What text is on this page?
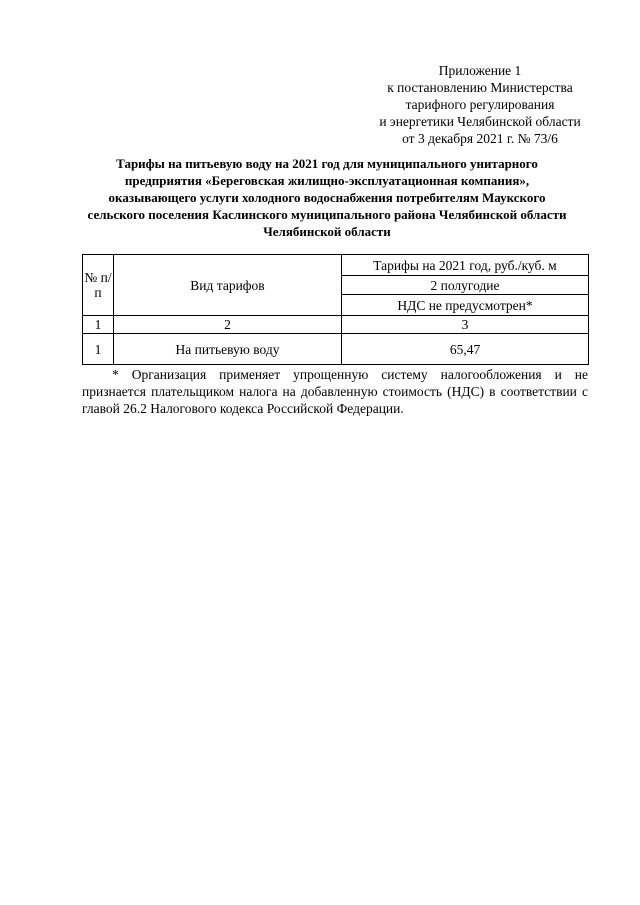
Приложение 1
к постановлению Министерства
тарифного регулирования
и энергетики Челябинской области
от 3 декабря 2021 г. № 73/6
Тарифы на питьевую воду на 2021 год для муниципального унитарного
предприятия «Береговская жилищно-эксплуатационная компания»,
оказывающего услуги холодного водоснабжения потребителям Маукского
сельского поселения Каслинского муниципального района Челябинской области
Челябинской области
№ п/п	Вид тарифов	Тарифы на 2021 год, руб./куб. м
		2 полугодие
		НДС не предусмотрен*
1	2	3
1	На питьевую воду	65,47
* Организация применяет упрощенную систему налогообложения и не признается плательщиком налога на добавленную стоимость (НДС) в соответствии с главой 26.2 Налогового кодекса Российской Федерации.
